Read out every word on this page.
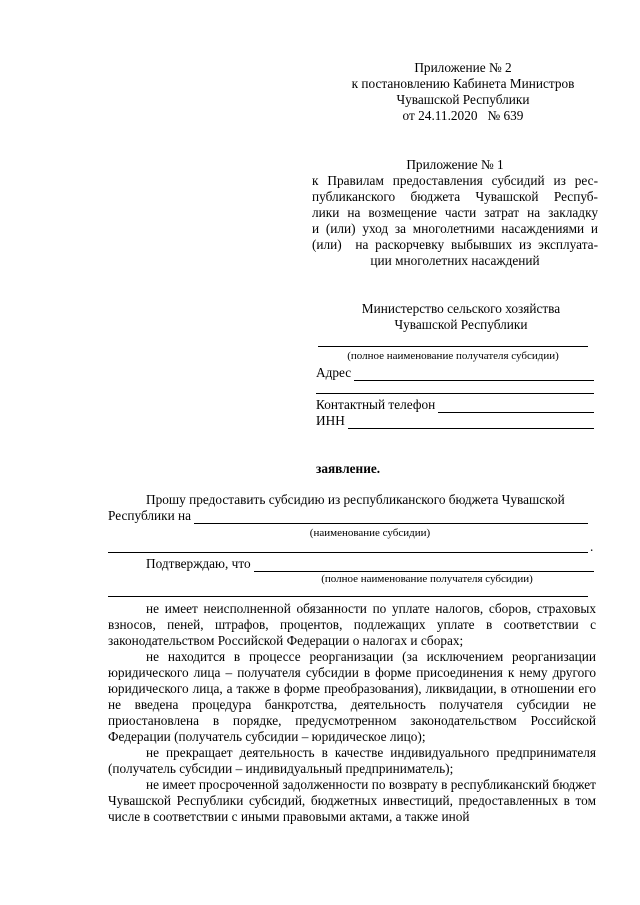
Приложение № 2
к постановлению Кабинета Министров
Чувашской Республики
от 24.11.2020   № 639
Приложение № 1
к Правилам предоставления субсидий из рес-
публиканского бюджета Чувашской Респуб-
лики на возмещение части затрат на закладку
и (или) уход за многолетними насаждениями и
(или)  на раскорчевку выбывших из эксплуата-
ции многолетних насаждений
Министерство сельского хозяйства
Чувашской Республики
(полное наименование получателя субсидии)
Адрес
Контактный телефон
ИНН
заявление.
Прошу предоставить субсидию из республиканского бюджета Чувашской
Республики на
(наименование субсидии)
.
Подтверждаю, что
(полное наименование получателя субсидии)

не имеет неисполненной обязанности по уплате налогов, сборов, страховых взносов, пеней, штрафов, процентов, подлежащих уплате в соответствии с законодательством Российской Федерации о налогах и сборах;

не находится в процессе реорганизации (за исключением реорганизации юридического лица – получателя субсидии в форме присоединения к нему другого юридического лица, а также в форме преобразования), ликвидации, в отношении его не введена процедура банкротства, деятельность получателя субсидии не приостановлена в порядке, предусмотренном законодательством Российской Федерации (получатель субсидии – юридическое лицо);

не прекращает деятельность в качестве индивидуального предпринимателя (получатель субсидии – индивидуальный предприниматель);

не имеет просроченной задолженности по возврату в республиканский бюджет Чувашской Республики субсидий, бюджетных инвестиций, предоставленных в том числе в соответствии с иными правовыми актами, а также иной
